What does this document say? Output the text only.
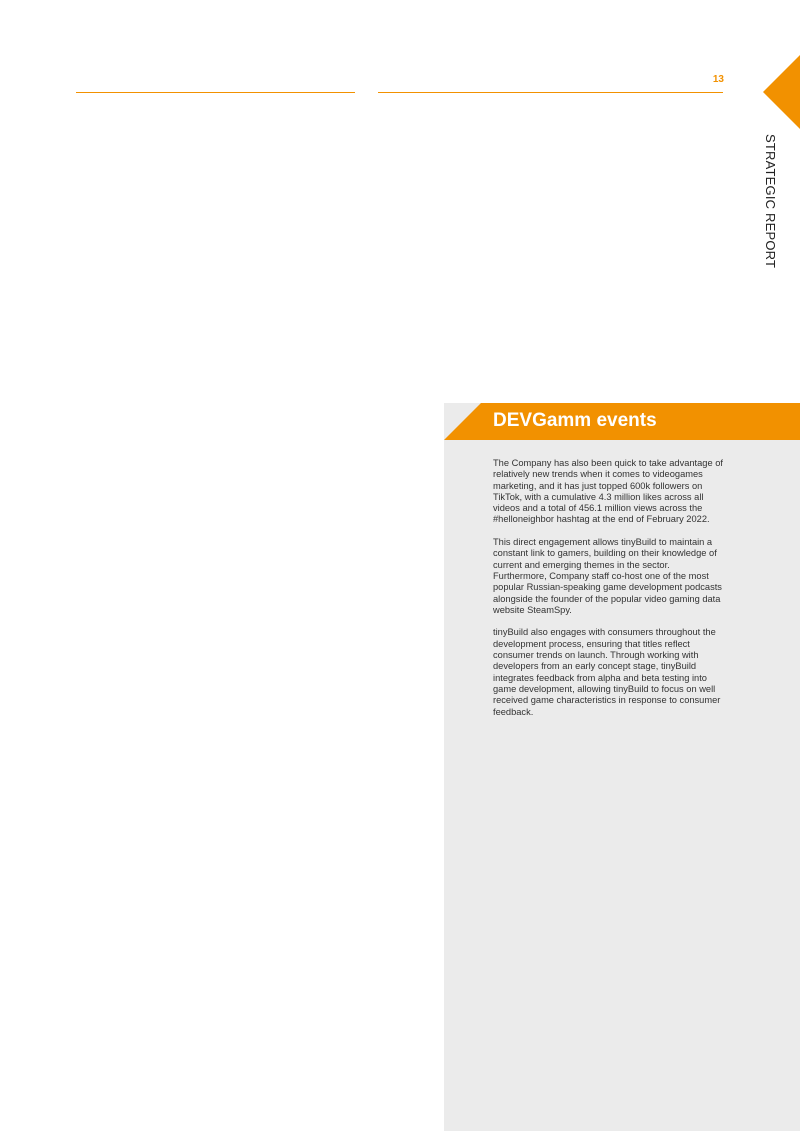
13
STRATEGIC REPORT
DEVGamm events

The Company has also been quick to take advantage of relatively new trends when it comes to videogames marketing, and it has just topped 600k followers on TikTok, with a cumulative 4.3 million likes across all videos and a total of 456.1 million views across the #helloneighbor hashtag at the end of February 2022.

This direct engagement allows tinyBuild to maintain a constant link to gamers, building on their knowledge of current and emerging themes in the sector. Furthermore, Company staff co-host one of the most popular Russian-speaking game development podcasts alongside the founder of the popular video gaming data website SteamSpy.

tinyBuild also engages with consumers throughout the development process, ensuring that titles reflect consumer trends on launch. Through working with developers from an early concept stage, tinyBuild integrates feedback from alpha and beta testing into game development, allowing tinyBuild to focus on well received game characteristics in response to consumer feedback.
